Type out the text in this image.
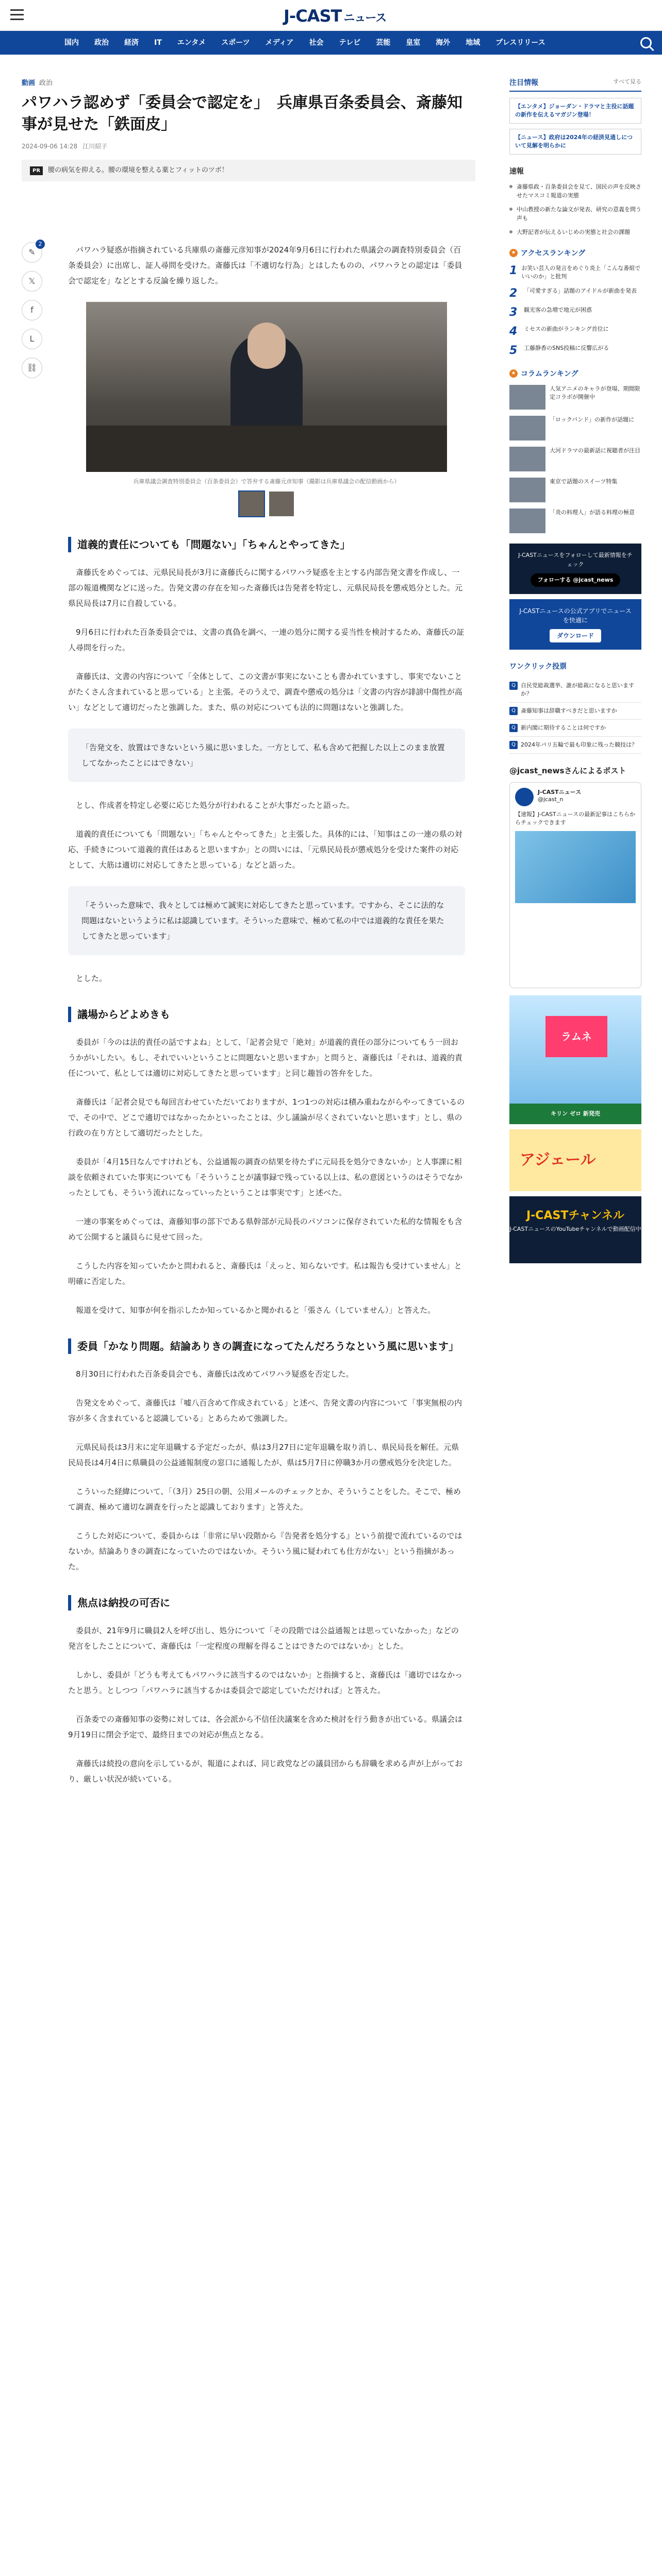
J-CAST ニュース
国内	政治	経済	IT	エンタメ	スポーツ	メディア	社会	テレビ	芸能	皇室	海外	地域	プレスリリース
✎
2
𝕏
f
L
⛓
動画 政治
パワハラ認めず「委員会で認定を」　兵庫県百条委員会、斎藤知事が見せた「鉄面皮」
2024-09-06 14:28 江川紹子
PR 腰の病気を抑える。腰の環境を整える薬とフィットのツボ！

パワハラ疑惑が指摘されている兵庫県の斎藤元彦知事が2024年9月6日に行われた県議会の調査特別委員会（百条委員会）に出席し、証人尋問を受けた。斎藤氏は「不適切な行為」とはしたものの、パワハラとの認定は「委員会で認定を」などとする反論を繰り返した。

兵庫県議会調査特別委員会（百条委員会）で答弁する斎藤元彦知事（撮影は兵庫県議会の配信動画から）
道義的責任についても「問題ない」「ちゃんとやってきた」

斎藤氏をめぐっては、元県民局長が3月に斎藤氏らに関するパワハラ疑惑を主とする内部告発文書を作成し、一部の報道機関などに送った。告発文書の存在を知った斎藤氏は告発者を特定し、元県民局長を懲戒処分とした。元県民局長は7月に自殺している。

9月6日に行われた百条委員会では、文書の真偽を調べ、一連の処分に関する妥当性を検討するため、斎藤氏の証人尋問を行った。

斎藤氏は、文書の内容について「全体として、この文書が事実にないことも書かれていますし、事実でないことがたくさん含まれていると思っている」と主張。そのうえで、調査や懲戒の処分は「文書の内容が誹謗中傷性が高い」などとして適切だったと強調した。また、県の対応についても法的に問題はないと強調した。

「告発文を、放置はできないという風に思いました。一方として、私も含めて把握した以上このまま放置してなかったことにはできない」

とし、作成者を特定し必要に応じた処分が行われることが大事だったと語った。

道義的責任についても「問題ない」「ちゃんとやってきた」と主張した。具体的には、「知事はこの一連の県の対応、手続きについて道義的責任はあると思いますか」との問いには、「元県民局長が懲戒処分を受けた案件の対応として、大筋は適切に対応してきたと思っている」などと語った。

「そういった意味で、我々としては極めて誠実に対応してきたと思っています。ですから、そこに法的な問題はないというように私は認識しています。そういった意味で、極めて私の中では道義的な責任を果たしてきたと思っています」

とした。

議場からどよめきも

委員が「今のは法的責任の話ですよね」として、「記者会見で「絶対」が道義的責任の部分についてもう一回おうかがいしたい。もし、それでいいということに問題ないと思いますか」と問うと、斎藤氏は「それは、道義的責任について、私としては適切に対応してきたと思っています」と同じ趣旨の答弁をした。

斎藤氏は「記者会見でも毎回言わせていただいておりますが、1つ1つの対応は積み重ねながらやってきているので、その中で、どこで適切ではなかったかといったことは、少し議論が尽くされていないと思います」とし、県の行政の在り方として適切だったとした。

委員が「4月15日なんですけれども、公益通報の調査の結果を待たずに元局長を処分できないか」と人事課に相談を依頼されていた事実についても「そういうことが議事録で残っている以上は、私の意図というのはそうでなかったとしても、そういう流れになっていったということは事実です」と述べた。

一連の事案をめぐっては、斎藤知事の部下である県幹部が元局長のパソコンに保存されていた私的な情報をも含めて公開すると議員らに見せて回った。

こうした内容を知っていたかと問われると、斎藤氏は「えっと、知らないです。私は報告も受けていません」と明確に否定した。

報道を受けて、知事が何を指示したか知っているかと聞かれると「張さん（していません）」と答えた。

委員「かなり問題。結論ありきの調査になってたんだろうなという風に思います」

8月30日に行われた百条委員会でも、斎藤氏は改めてパワハラ疑惑を否定した。

告発文をめぐって、斎藤氏は「嘘八百含めて作成されている」と述べ、告発文書の内容について「事実無根の内容が多く含まれていると認識している」とあらためて強調した。

元県民局長は3月末に定年退職する予定だったが、県は3月27日に定年退職を取り消し、県民局長を解任。元県民局長は4月4日に県職員の公益通報制度の窓口に通報したが、県は5月7日に停職3か月の懲戒処分を決定した。

こういった経緯について、「（3月）25日の朝、公用メールのチェックとか、そういうことをした。そこで、極めて調査、極めて適切な調査を行ったと認識しております」と答えた。

こうした対応について、委員からは「非常に早い段階から『告発者を処分する』という前提で流れているのではないか。結論ありきの調査になっていたのではないか。そういう風に疑われても仕方がない」という指摘があった。

焦点は納投の可否に

委員が、21年9月に職員2人を呼び出し、処分について「その段階では公益通報とは思っていなかった」などの発言をしたことについて、斎藤氏は「一定程度の理解を得ることはできたのではないか」とした。

しかし、委員が「どうも考えてもパワハラに該当するのではないか」と指摘すると、斎藤氏は「適切ではなかったと思う。としつつ「パワハラに該当するかは委員会で認定していただければ」と答えた。

百条委での斎藤知事の姿勢に対しては、各会派から不信任決議案を含めた検討を行う動きが出ている。県議会は9月19日に閉会予定で、最終日までの対応が焦点となる。

斎藤氏は続投の意向を示しているが、報道によれば、同じ政党などの議員団からも辞職を求める声が上がっており、厳しい状況が続いている。

注目情報	すべて見る
【エンタメ】ジョーダン・ドラマと主役に話題の新作を伝えるマガジン登場！
【ニュース】政府は2024年の経済見通しについて見解を明らかに
速報
斎藤県政・百条委員会を見て、国民の声を反映させたマスコミ報道の実態
中山教授の新たな論文が発表、研究の意義を問う声も
大野記者が伝えるいじめの実態と社会の課題
★ アクセスランキング
1 お笑い芸人の発言をめぐり炎上「こんな番組でいいのか」と批判
2	「可愛すぎる」話題のアイドルが新曲を発表
3	観光客の急増で地元が困惑
4	ミセスの新曲がランキング首位に
5	工藤静香のSNS投稿に反響広がる
★ コラムランキング
人気アニメのキャラが登場、期間限定コラボが開催中
「ロックバンド」の新作が話題に
大河ドラマの最新話に視聴者が注目
東京で話題のスイーツ特集
「炎の料理人」が語る料理の極意
J-CASTニュースをフォローして最新情報をチェック
フォローする @jcast_news
J-CASTニュースの公式アプリでニュースを快適に
ダウンロード
ワンクリック投票
Q 自民党総裁選挙、誰が総裁になると思いますか？
Q 斎藤知事は辞職すべきだと思いますか
Q 新内閣に期待することは何ですか
Q 2024年パリ五輪で最も印象に残った競技は？
@jcast_newsさんによるポスト
J-CASTニュース
@jcast_n
【速報】J-CASTニュースの最新記事はこちらからチェックできます
ラムネ
キリン ゼロ 新発売
アジェール
J-CASTチャンネル
J-CASTニュースのYouTubeチャンネルで動画配信中
